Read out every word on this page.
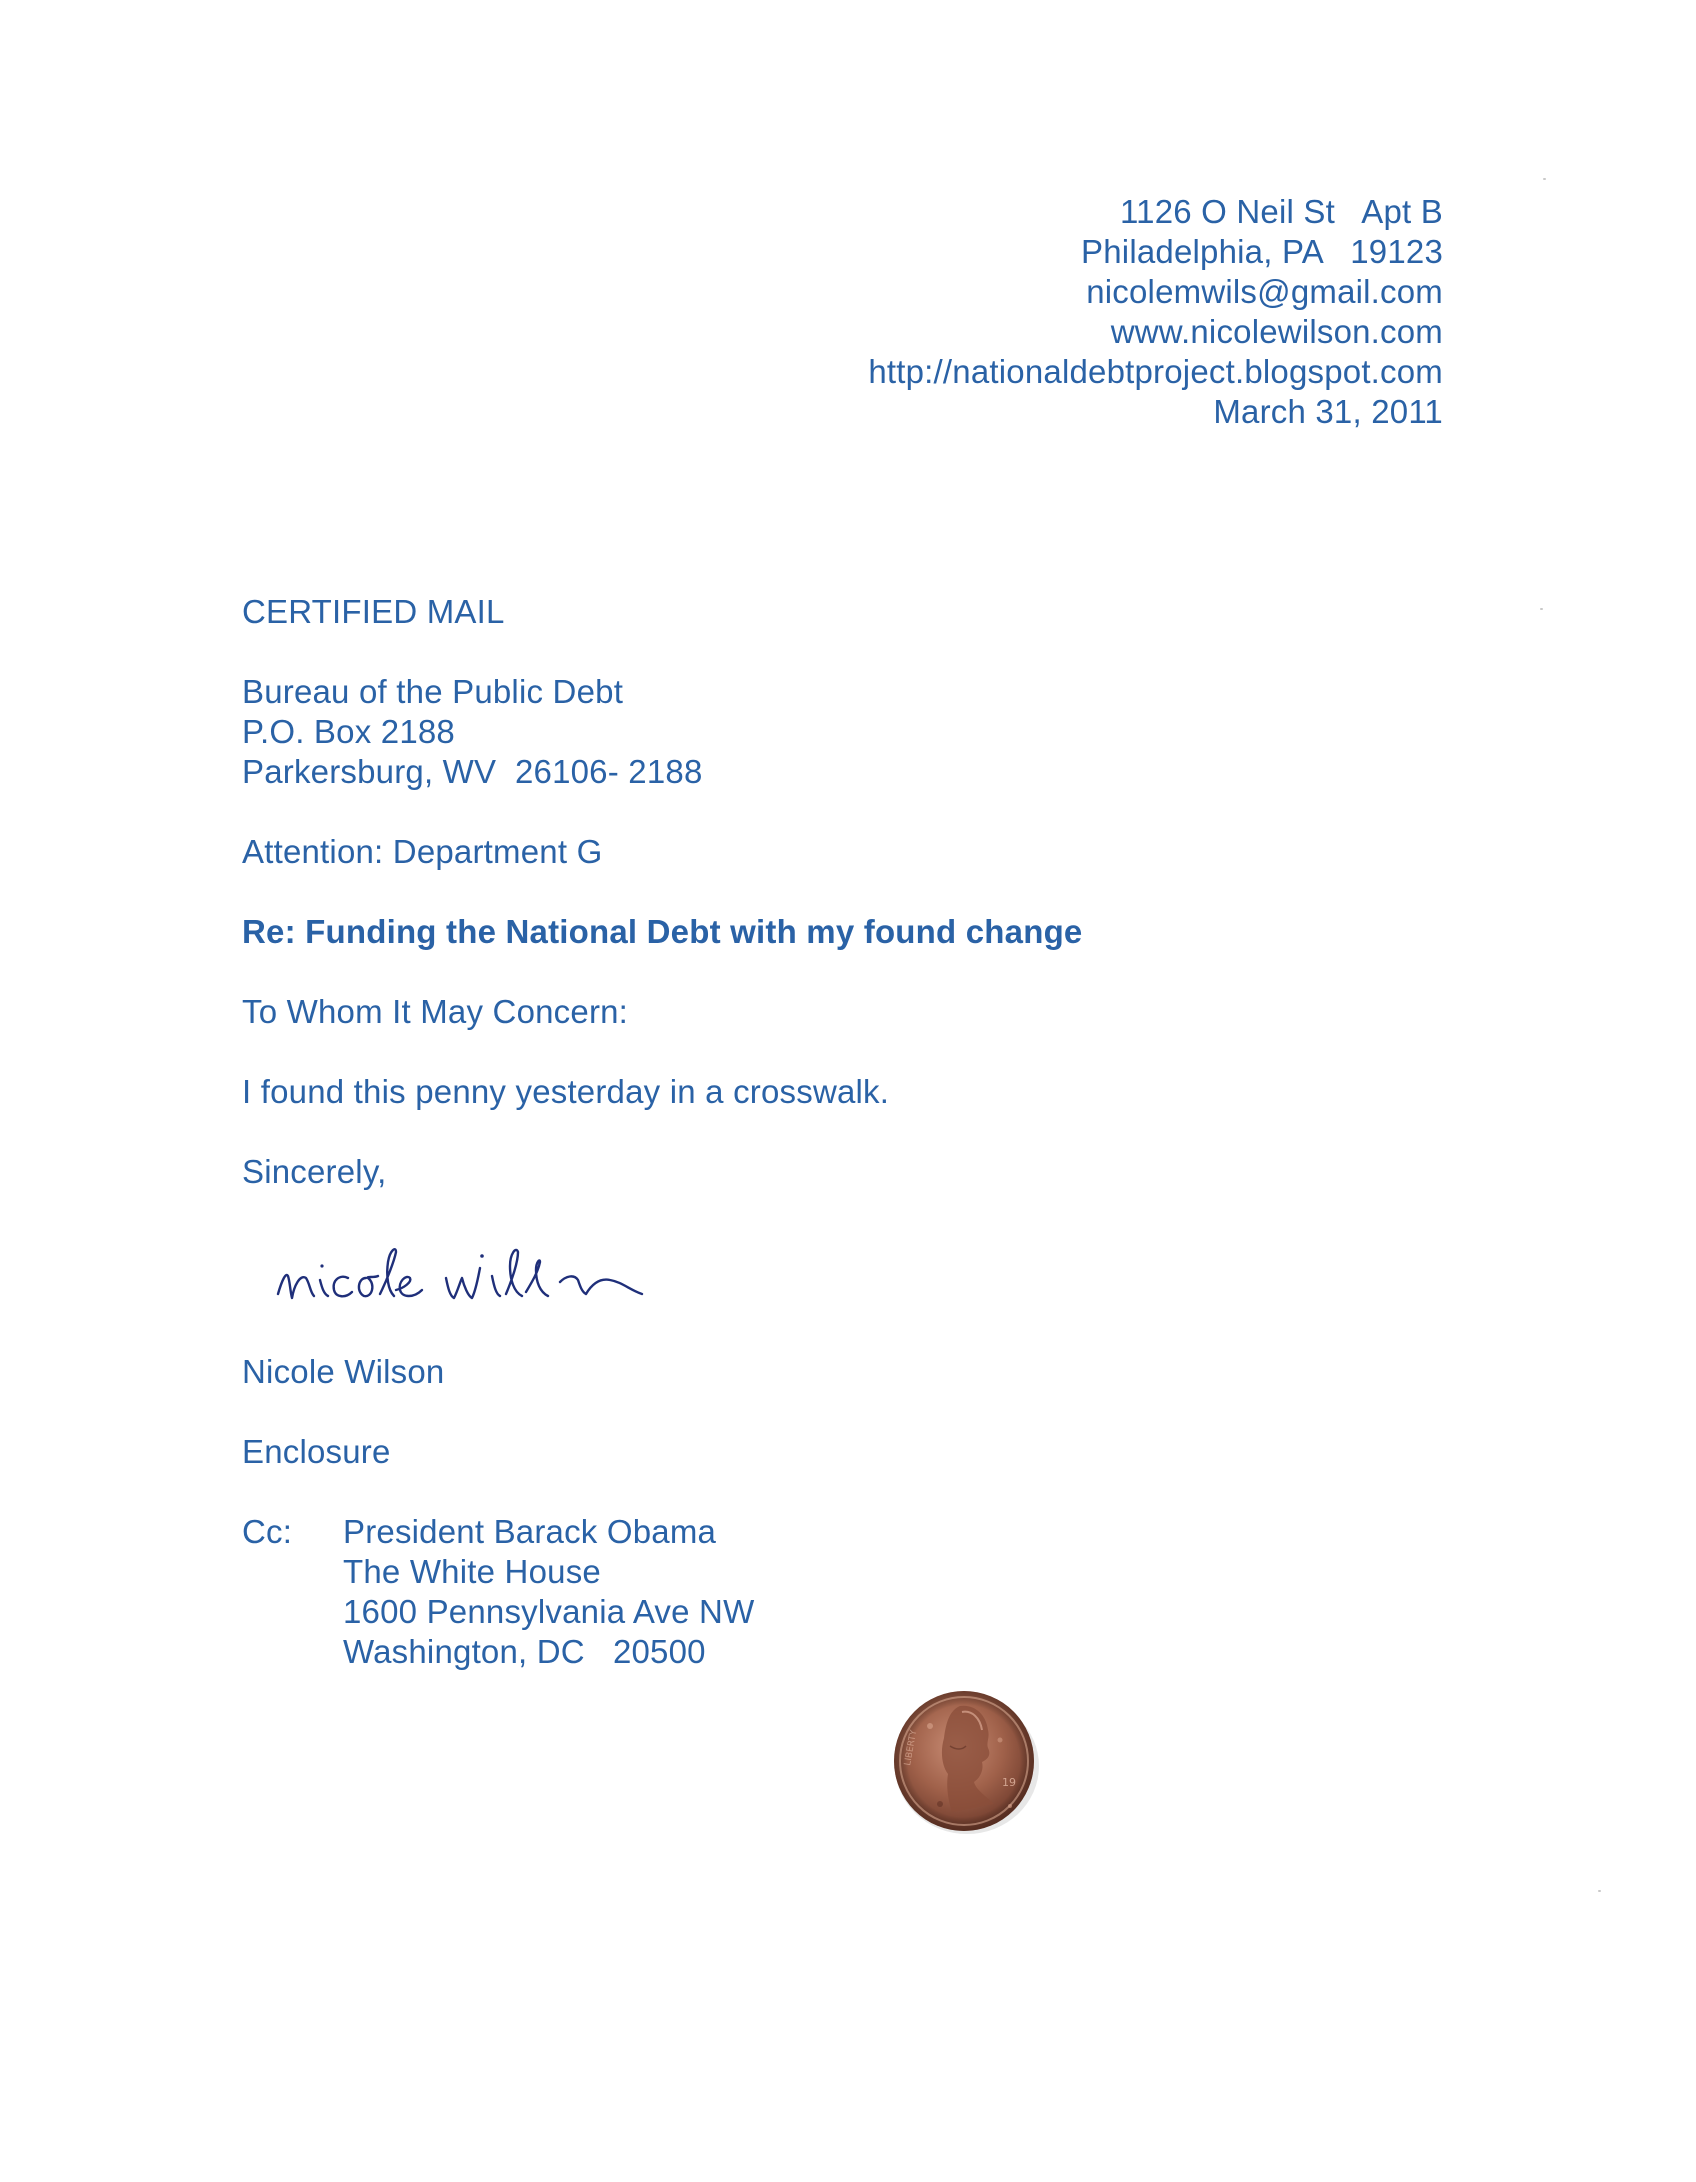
1126 O Neil St   Apt B
Philadelphia, PA   19123
nicolemwils@gmail.com
www.nicolewilson.com
http://nationaldebtproject.blogspot.com
March 31, 2011
CERTIFIED MAIL
Bureau of the Public Debt
P.O. Box 2188
Parkersburg, WV  26106- 2188
Attention: Department G
Re: Funding the National Debt with my found change
To Whom It May Concern:
I found this penny yesterday in a crosswalk.
Sincerely,
Nicole Wilson
Enclosure
Cc: President Barack Obama
The White House
1600 Pennsylvania Ave NW
Washington, DC   20500
19
LIBERTY
